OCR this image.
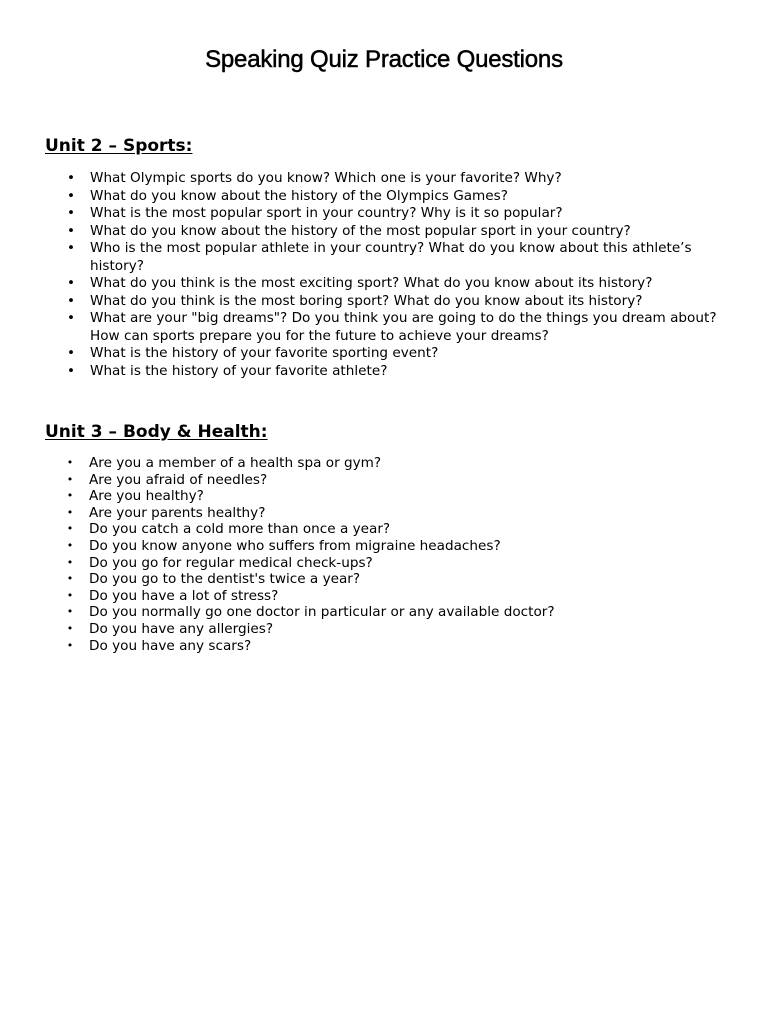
Speaking Quiz Practice Questions
Unit 2 – Sports:
• What Olympic sports do you know? Which one is your favorite? Why?
• What do you know about the history of the Olympics Games?
• What is the most popular sport in your country? Why is it so popular?
• What do you know about the history of the most popular sport in your country?
• Who is the most popular athlete in your country? What do you know about this athlete’s history?
• What do you think is the most exciting sport? What do you know about its history?
• What do you think is the most boring sport? What do you know about its history?
• What are your "big dreams"? Do you think you are going to do the things you dream about? How can sports prepare you for the future to achieve your dreams?
• What is the history of your favorite sporting event?
• What is the history of your favorite athlete?
Unit 3 – Body & Health:
• Are you a member of a health spa or gym?
• Are you afraid of needles?
• Are you healthy?
• Are your parents healthy?
• Do you catch a cold more than once a year?
• Do you know anyone who suffers from migraine headaches?
• Do you go for regular medical check-ups?
• Do you go to the dentist's twice a year?
• Do you have a lot of stress?
• Do you normally go one doctor in particular or any available doctor?
• Do you have any allergies?
• Do you have any scars?
